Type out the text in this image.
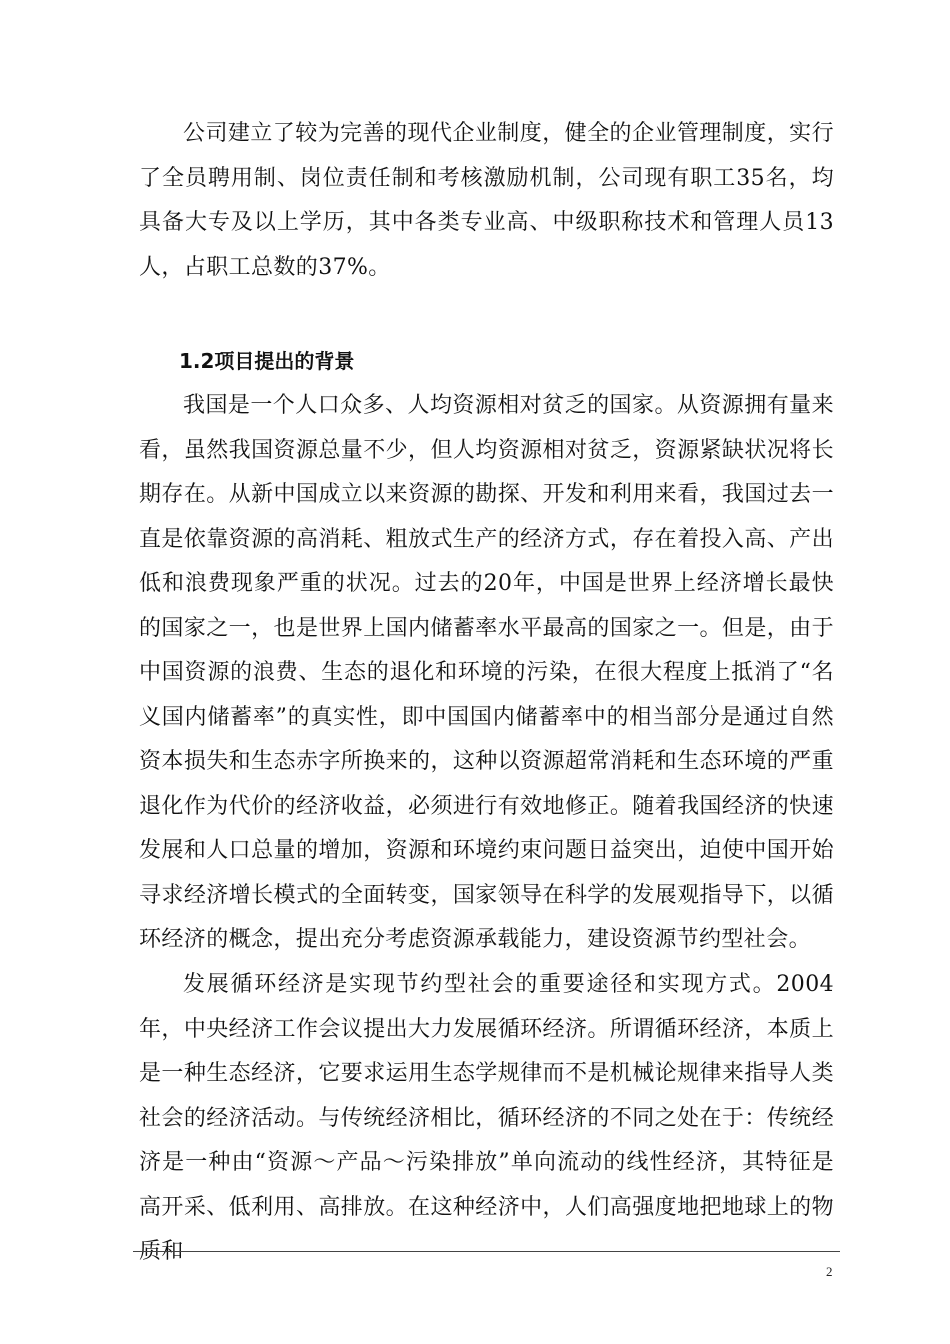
公司建立了较为完善的现代企业制度，健全的企业管理制度，实行了全员聘用制、岗位责任制和考核激励机制，公司现有职工35名，均具备大专及以上学历，其中各类专业高、中级职称技术和管理人员13人，占职工总数的37%。

1.2项目提出的背景

我国是一个人口众多、人均资源相对贫乏的国家。从资源拥有量来看，虽然我国资源总量不少，但人均资源相对贫乏，资源紧缺状况将长期存在。从新中国成立以来资源的勘探、开发和利用来看，我国过去一直是依靠资源的高消耗、粗放式生产的经济方式，存在着投入高、产出低和浪费现象严重的状况。过去的20年，中国是世界上经济增长最快的国家之一，也是世界上国内储蓄率水平最高的国家之一。但是，由于中国资源的浪费、生态的退化和环境的污染，在很大程度上抵消了“名义国内储蓄率”的真实性，即中国国内储蓄率中的相当部分是通过自然资本损失和生态赤字所换来的，这种以资源超常消耗和生态环境的严重退化作为代价的经济收益，必须进行有效地修正。随着我国经济的快速发展和人口总量的增加，资源和环境约束问题日益突出，迫使中国开始寻求经济增长模式的全面转变，国家领导在科学的发展观指导下，以循环经济的概念，提出充分考虑资源承载能力，建设资源节约型社会。

发展循环经济是实现节约型社会的重要途径和实现方式。2004年，中央经济工作会议提出大力发展循环经济。所谓循环经济，本质上是一种生态经济，它要求运用生态学规律而不是机械论规律来指导人类社会的经济活动。与传统经济相比，循环经济的不同之处在于：传统经济是一种由“资源～产品～污染排放”单向流动的线性经济，其特征是高开采、低利用、高排放。在这种经济中，人们高强度地把地球上的物质和

2
